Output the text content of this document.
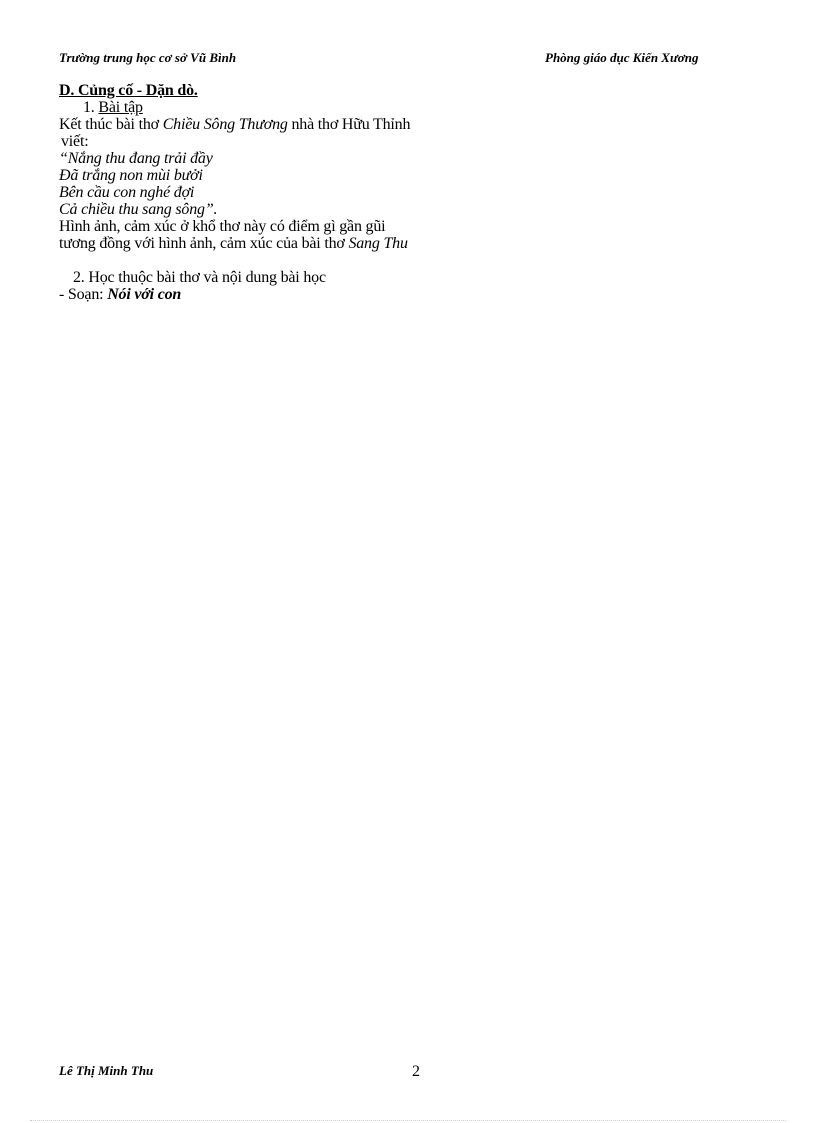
Trường trung học cơ sở Vũ Bình	Phòng giáo dục Kiến Xương
D. Củng cố - Dặn dò.
1. Bài tập
Kết thúc bài thơ Chiều Sông Thương nhà thơ Hữu Thỉnh
viết:
“Nắng thu đang trải đầy
Đã trắng non mùi bưởi
Bên cầu con nghé đợi
Cả chiều thu sang sông”.
Hình ảnh, cảm xúc ở khổ thơ này có điểm gì gần gũi
tương đồng với hình ảnh, cảm xúc của bài thơ Sang Thu
2. Học thuộc bài thơ và nội dung bài học
- Soạn: Nói với con
Lê Thị Minh Thu	2
